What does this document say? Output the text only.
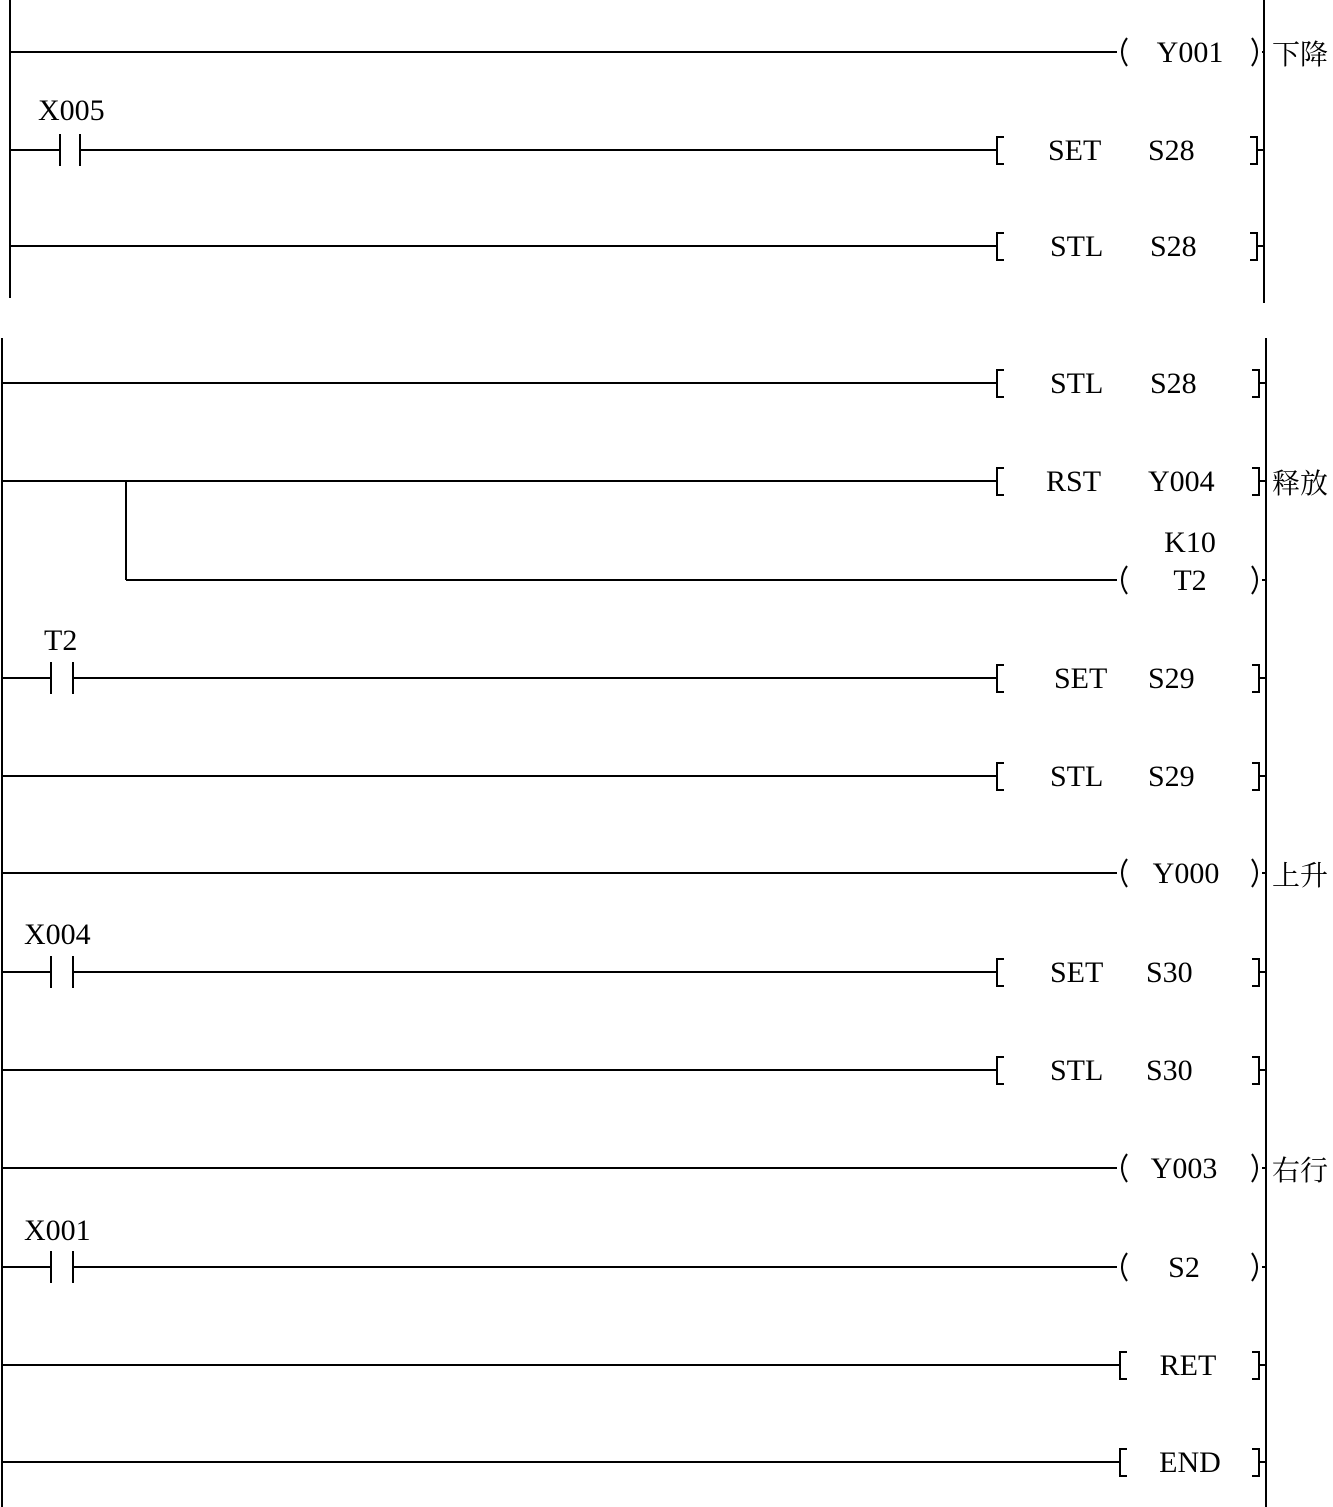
Y001 下降
X005
SET S28
STL S28
STL S28
RST Y004 释放
K10
T2
T2
SET S29
STL S29
Y000 上升
X004
SET S30
STL S30
Y003 右行
X001
S2
RET
END
